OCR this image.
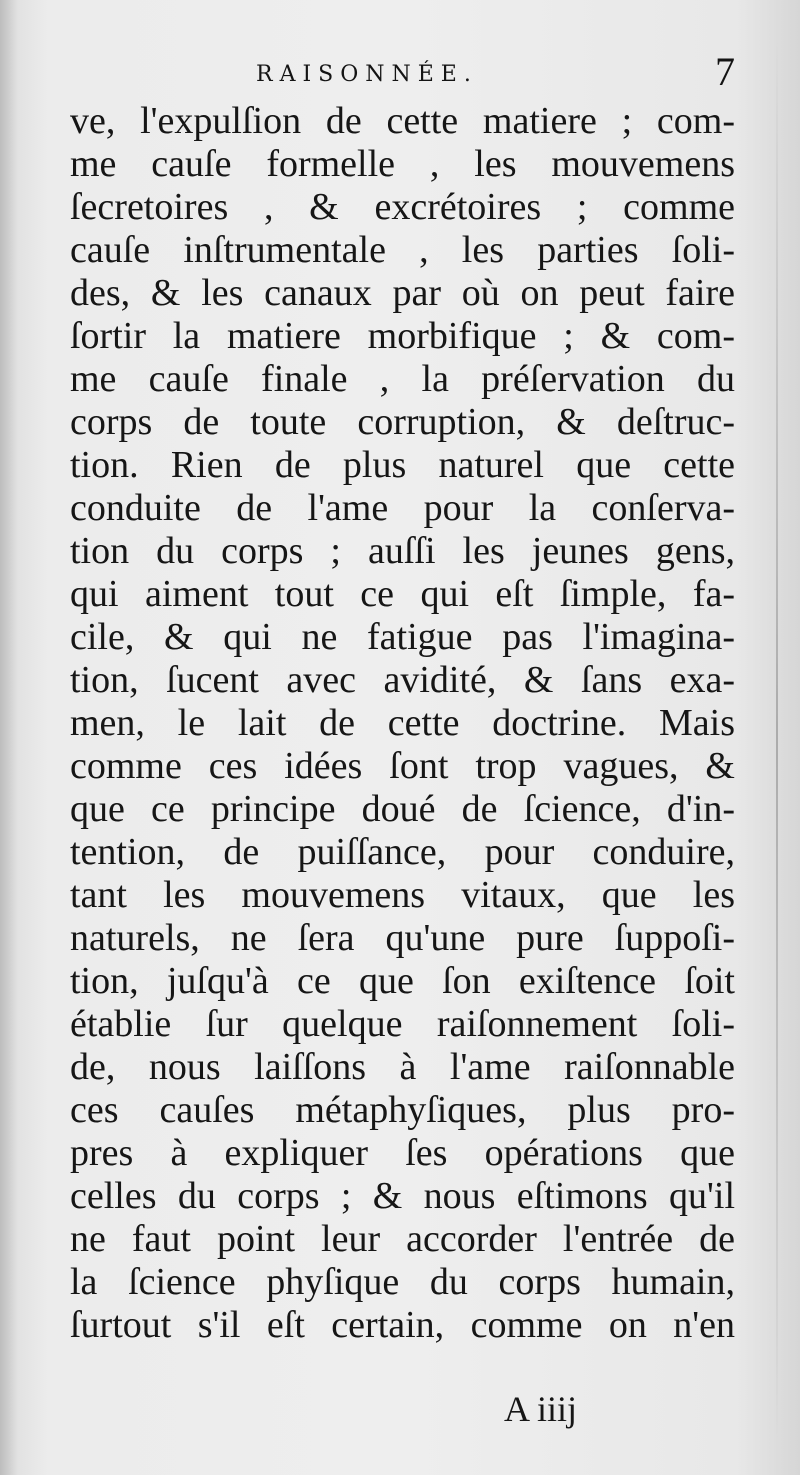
RAISONNÉE.	7
ve, l'expulſion de cette matiere ; com-
me cauſe formelle , les mouvemens
ſecretoires , & excrétoires ; comme
cauſe inſtrumentale , les parties ſoli-
des, & les canaux par où on peut faire
ſortir la matiere morbifique ; & com-
me cauſe finale , la préſervation du
corps de toute corruption, & deſtruc-
tion. Rien de plus naturel que cette
conduite de l'ame pour la conſerva-
tion du corps ; auſſi les jeunes gens,
qui aiment tout ce qui eſt ſimple, fa-
cile, & qui ne fatigue pas l'imagina-
tion, ſucent avec avidité, & ſans exa-
men, le lait de cette doctrine. Mais
comme ces idées ſont trop vagues, &
que ce principe doué de ſcience, d'in-
tention, de puiſſance, pour conduire,
tant les mouvemens vitaux, que les
naturels, ne ſera qu'une pure ſuppoſi-
tion, juſqu'à ce que ſon exiſtence ſoit
établie ſur quelque raiſonnement ſoli-
de, nous laiſſons à l'ame raiſonnable
ces cauſes métaphyſiques, plus pro-
pres à expliquer ſes opérations que
celles du corps ; & nous eſtimons qu'il
ne faut point leur accorder l'entrée de
la ſcience phyſique du corps humain,
ſurtout s'il eſt certain, comme on n'en
A iiij
